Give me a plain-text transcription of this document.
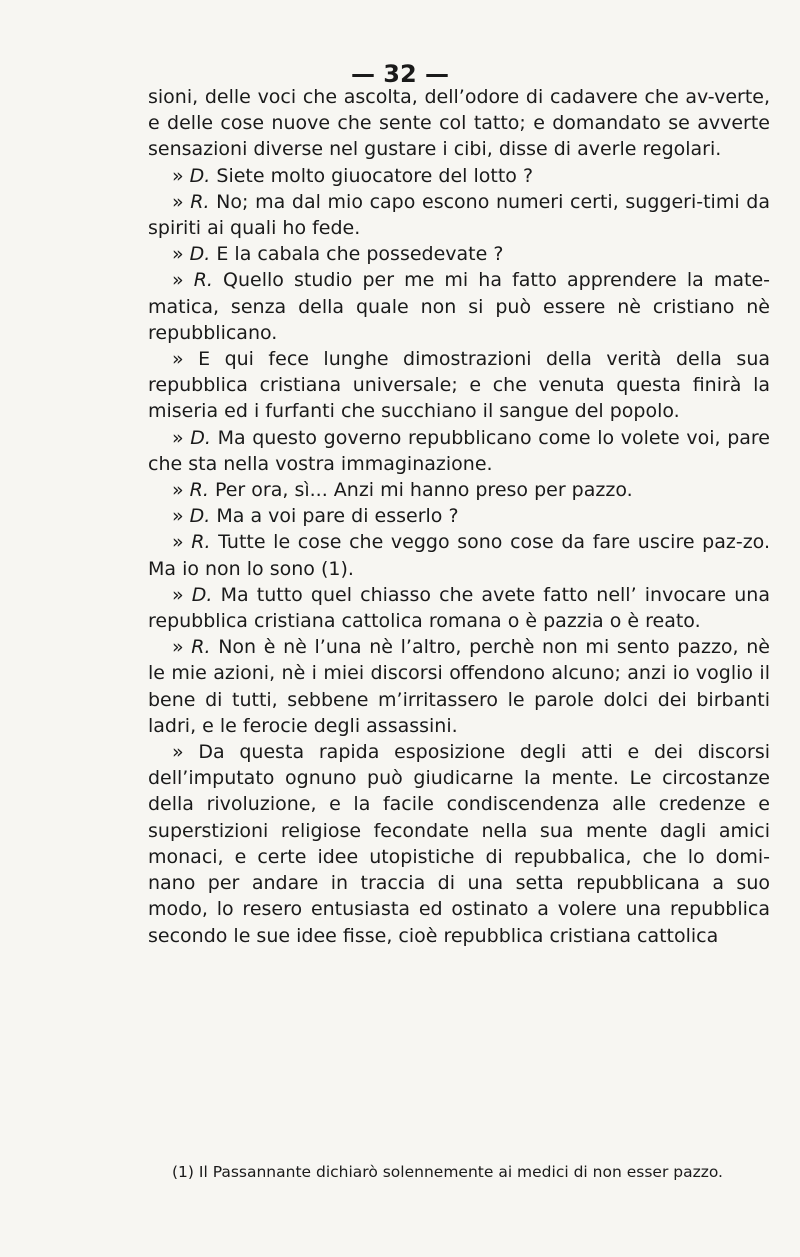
— 32 —

sioni, delle voci che ascolta, dell’odore di cadavere che av-verte, e delle cose nuove che sente col tatto; e domandato se avverte sensazioni diverse nel gustare i cibi, disse di averle regolari.

» D. Siete molto giuocatore del lotto ?

» R. No; ma dal mio capo escono numeri certi, suggeri-timi da spiriti ai quali ho fede.

» D. E la cabala che possedevate ?

» R. Quello studio per me mi ha fatto apprendere la mate-matica, senza della quale non si può essere nè cristiano nè repubblicano.

» E qui fece lunghe dimostrazioni della verità della sua repubblica cristiana universale; e che venuta questa finirà la miseria ed i furfanti che succhiano il sangue del popolo.

» D. Ma questo governo repubblicano come lo volete voi, pare che sta nella vostra immaginazione.

» R. Per ora, sì... Anzi mi hanno preso per pazzo.

» D. Ma a voi pare di esserlo ?

» R. Tutte le cose che veggo sono cose da fare uscire paz-zo. Ma io non lo sono (1).

» D. Ma tutto quel chiasso che avete fatto nell’ invocare una repubblica cristiana cattolica romana o è pazzia o è reato.

» R. Non è nè l’una nè l’altro, perchè non mi sento pazzo, nè le mie azioni, nè i miei discorsi offendono alcuno; anzi io voglio il bene di tutti, sebbene m’irritassero le parole dolci dei birbanti ladri, e le ferocie degli assassini.

» Da questa rapida esposizione degli atti e dei discorsi dell’imputato ognuno può giudicarne la mente. Le circostanze della rivoluzione, e la facile condiscendenza alle credenze e superstizioni religiose fecondate nella sua mente dagli amici monaci, e certe idee utopistiche di repubbalica, che lo domi-nano per andare in traccia di una setta repubblicana a suo modo, lo resero entusiasta ed ostinato a volere una repubblica secondo le sue idee fisse, cioè repubblica cristiana cattolica

(1) Il Passannante dichiarò solennemente ai medici di non esser pazzo.
